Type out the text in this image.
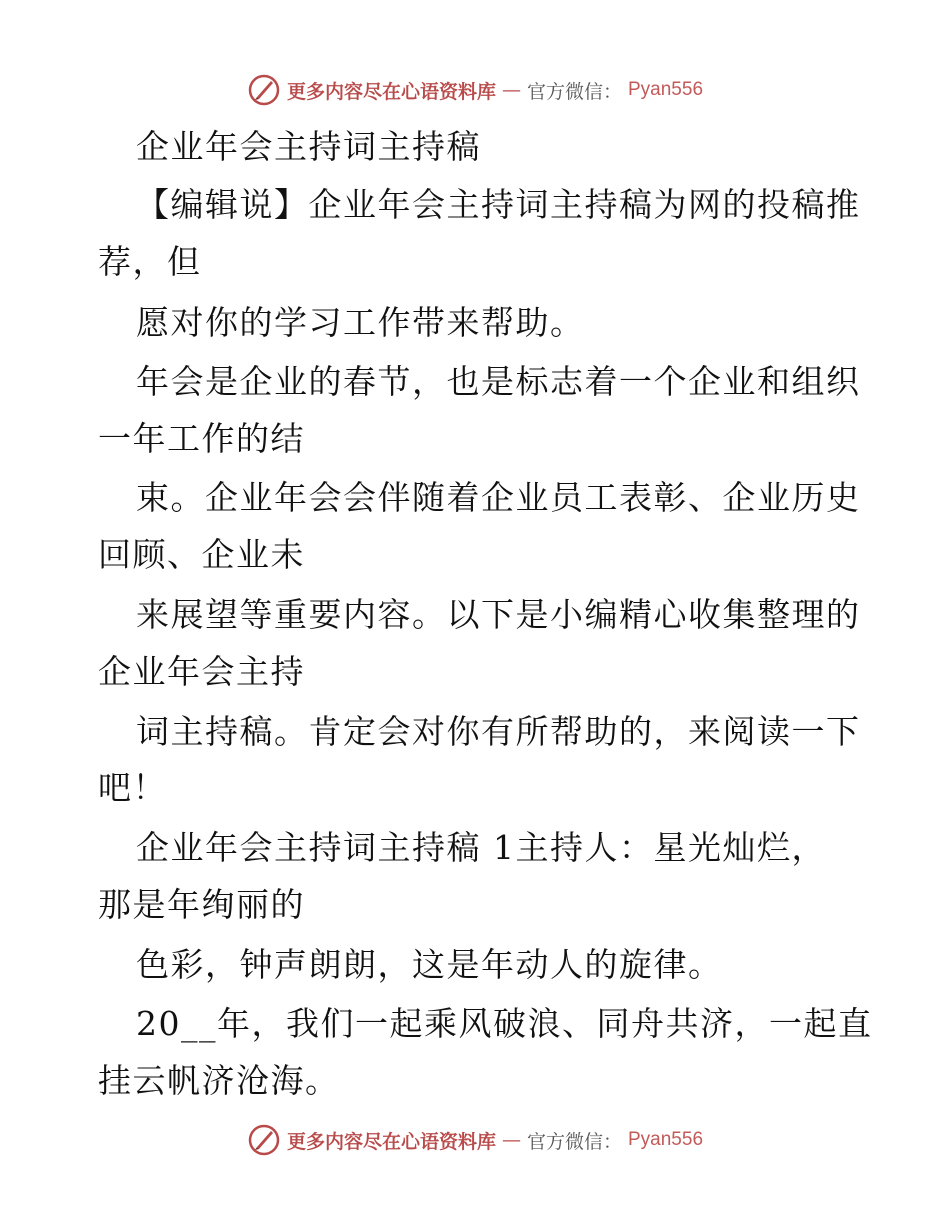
更多内容尽在心语资料库 — 官方微信： Pyan556
企业年会主持词主持稿
【编辑说】企业年会主持词主持稿为网的投稿推
荐，但
愿对你的学习工作带来帮助。
年会是企业的春节，也是标志着一个企业和组织
一年工作的结
束。企业年会会伴随着企业员工表彰、企业历史
回顾、企业未
来展望等重要内容。以下是小编精心收集整理的
企业年会主持
词主持稿。肯定会对你有所帮助的，来阅读一下
吧！
企业年会主持词主持稿 1主持人：星光灿烂，
那是年绚丽的
色彩，钟声朗朗，这是年动人的旋律。
20__年，我们一起乘风破浪、同舟共济，一起直
挂云帆济沧海。
更多内容尽在心语资料库 — 官方微信： Pyan556
